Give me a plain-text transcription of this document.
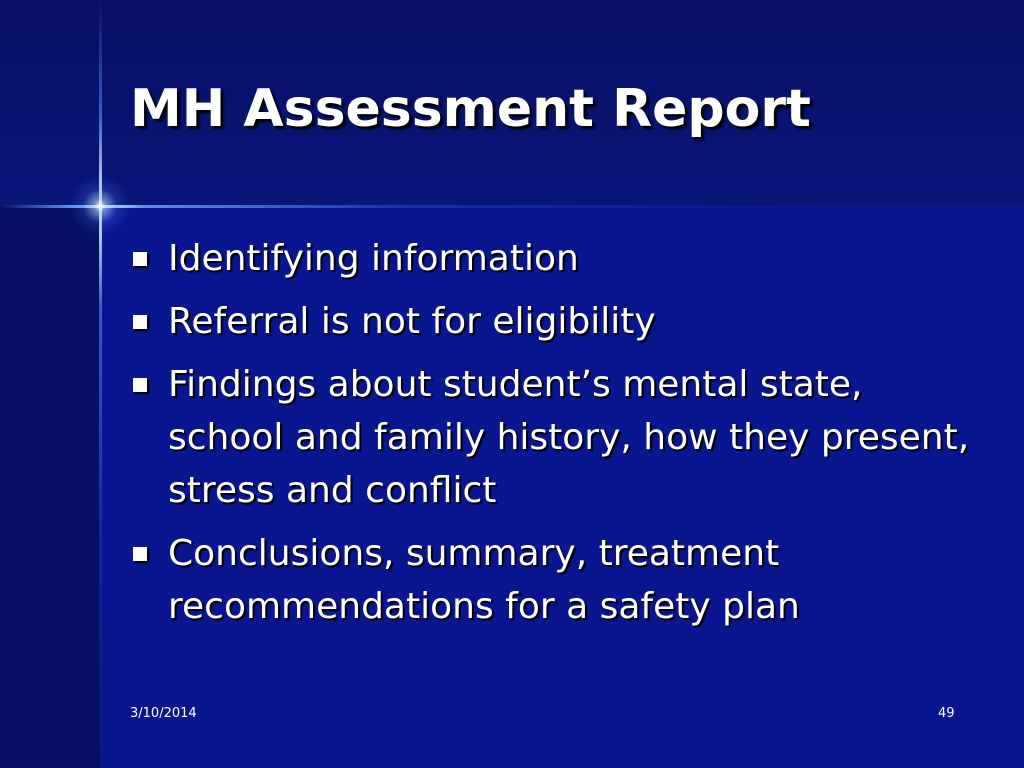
MH Assessment Report
Identifying information
Referral is not for eligibility
Findings about student’s mental state, school and family history, how they present, stress and conflict
Conclusions, summary, treatment recommendations for a safety plan
3/10/2014	49
